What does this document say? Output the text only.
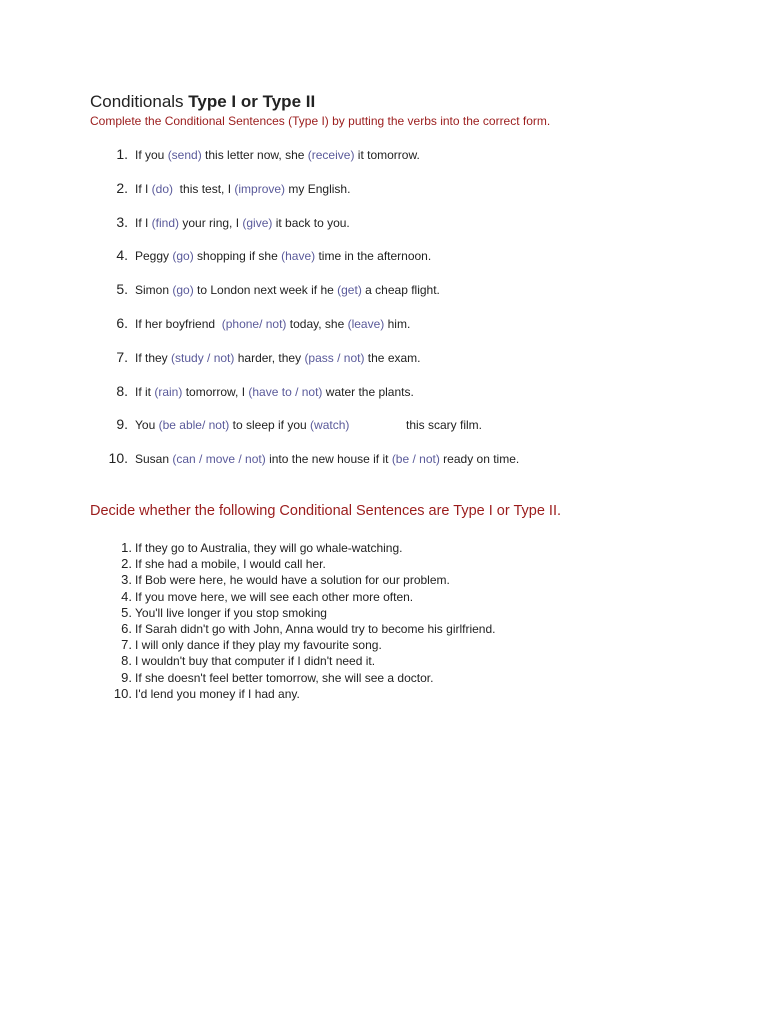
Conditionals Type I or Type II
Complete the Conditional Sentences (Type I) by putting the verbs into the correct form.
1. If you (send) this letter now, she (receive) it tomorrow.
2. If I (do)  this test, I (improve) my English.
3. If I (find) your ring, I (give) it back to you.
4. Peggy (go) shopping if she (have) time in the afternoon.
5. Simon (go) to London next week if he (get) a cheap flight.
6. If her boyfriend  (phone/ not) today, she (leave) him.
7. If they (study / not) harder, they (pass / not) the exam.
8. If it (rain) tomorrow, I (have to / not) water the plants.
9. You (be able/ not) to sleep if you (watch)	this scary film.
10. Susan (can / move / not) into the new house if it (be / not) ready on time.
Decide whether the following Conditional Sentences are Type I or Type II.
1. If they go to Australia, they will go whale-watching.
2. If she had a mobile, I would call her.
3. If Bob were here, he would have a solution for our problem.
4. If you move here, we will see each other more often.
5. You'll live longer if you stop smoking
6. If Sarah didn't go with John, Anna would try to become his girlfriend.
7. I will only dance if they play my favourite song.
8. I wouldn't buy that computer if I didn't need it.
9. If she doesn't feel better tomorrow, she will see a doctor.
10. I'd lend you money if I had any.
